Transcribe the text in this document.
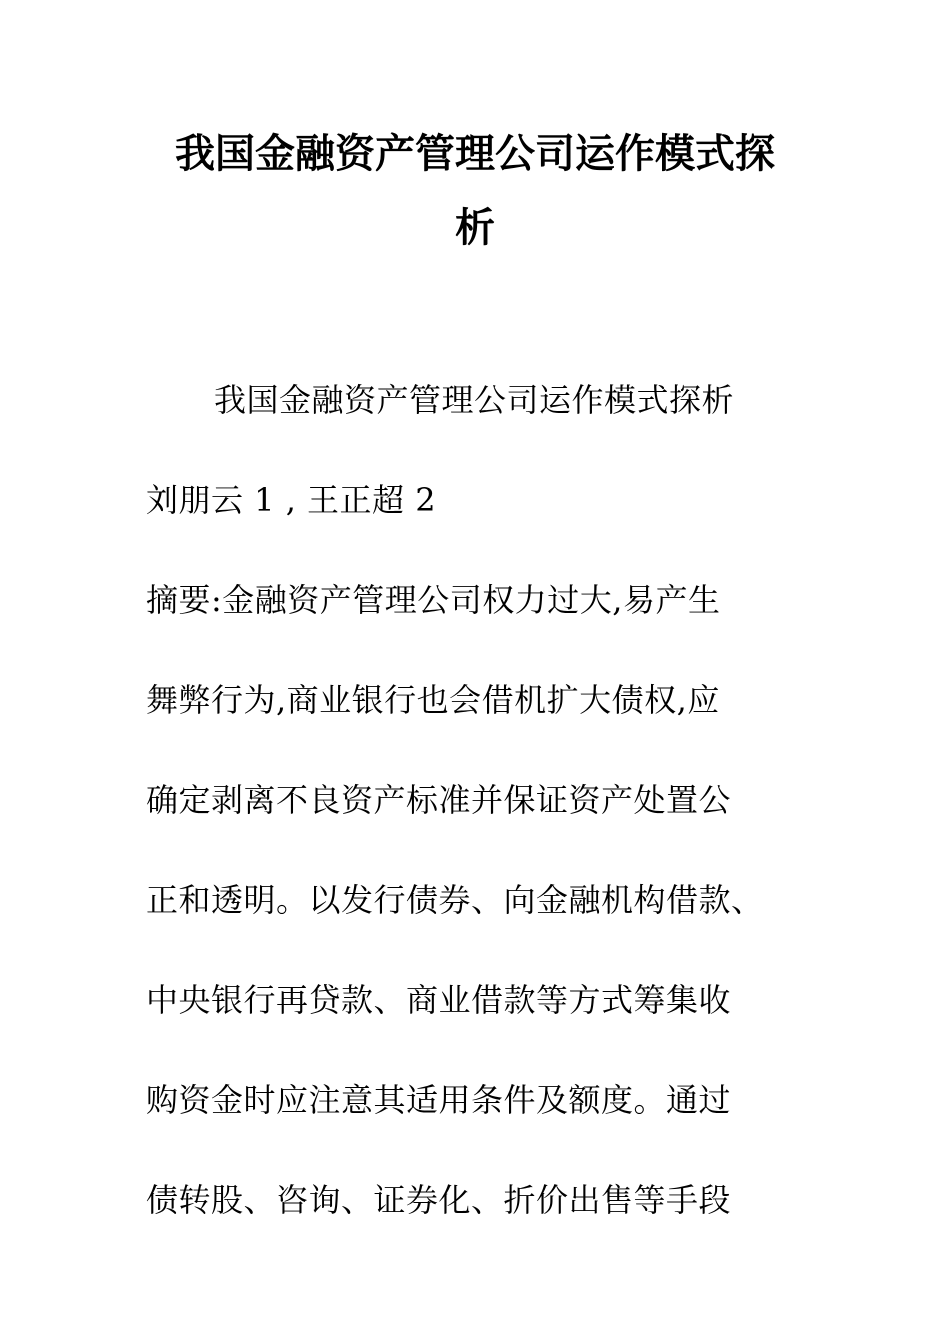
我国金融资产管理公司运作模式探
析
我国金融资产管理公司运作模式探析
刘朋云 1 , 王正超 2
摘要:金融资产管理公司权力过大,易产生
舞弊行为,商业银行也会借机扩大债权,应
确定剥离不良资产标准并保证资产处置公
正和透明。以发行债券、向金融机构借款、
中央银行再贷款、商业借款等方式筹集收
购资金时应注意其适用条件及额度。通过
债转股、咨询、证券化、折价出售等手段
